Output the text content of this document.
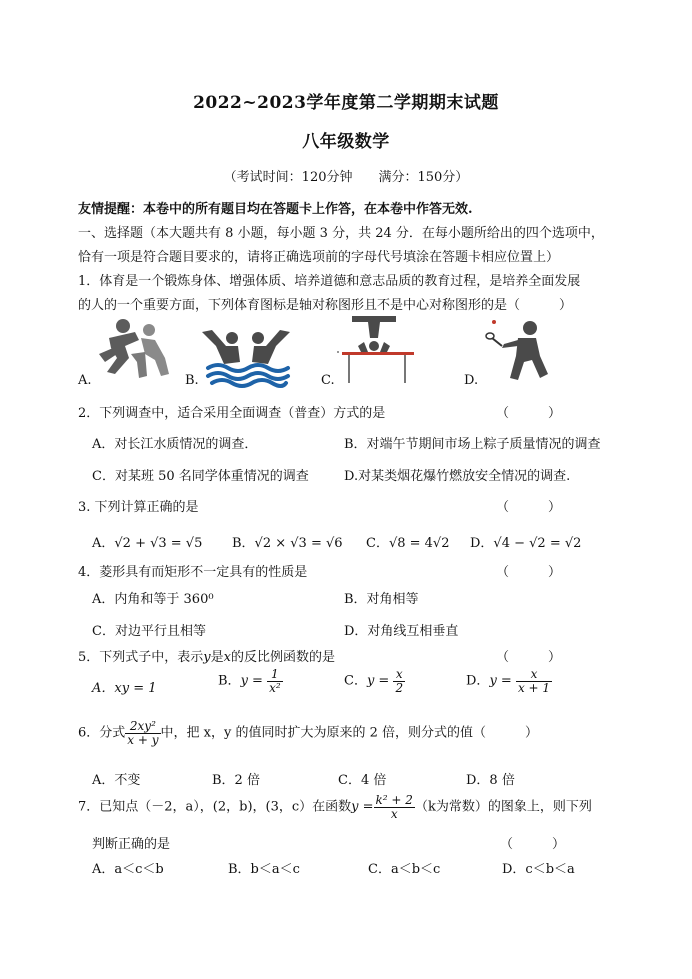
2022~2023学年度第二学期期末试题
八年级数学
（考试时间：120分钟　　满分：150分）
友情提醒：本卷中的所有题目均在答题卡上作答，在本卷中作答无效.
一、选择题（本大题共有 8 小题，每小题 3 分，共 24 分．在每小题所给出的四个选项中，
恰有一项是符合题目要求的，请将正确选项前的字母代号填涂在答题卡相应位置上）
1．体育是一个锻炼身体、增强体质、培养道德和意志品质的教育过程，是培养全面发展
的人的一个重要方面，下列体育图标是轴对称图形且不是中心对称图形的是（　　　）
A.	B.	C.	D.
2．下列调查中，适合采用全面调查（普查）方式的是	（　　　）
A．对长江水质情况的调查．	B．对端午节期间市场上粽子质量情况的调查
C．对某班 50 名同学体重情况的调查	D.对某类烟花爆竹燃放安全情况的调查.
3. 下列计算正确的是	（　　　）
A．√2 + √3 = √5 B．√2 × √3 = √6 C．√8 = 4√2 D．√4 − √2 = √2
4．菱形具有而矩形不一定具有的性质是	（　　　）
A．内角和等于 360⁰	B．对角相等
C．对边平行且相等	D．对角线互相垂直
5．下列式子中，表示y是x的反比例函数的是	（　　　）
A．xy = 1	B．$y = \frac{1}{\text{x²}}$	C．$y = \frac{x}{2}$	D．$y = \frac{x}{x + 1}$
6．分式 $\frac{\text{2xy²}}{x + y}$ 中，把 x，y 的值同时扩大为原来的 2 倍，则分式的值（　　　）
A．不变	B．2 倍	C．4 倍	D．8 倍
7．已知点（－2，a），(2，b)，(3，c）在函数$y = \frac{\text{k² + 2}}{x} (k$为常数）的图象上，则下列
判断正确的是	（　　　）
A．a＜c＜b	B．b＜a＜c	C．a＜b＜c	D．c＜b＜a
